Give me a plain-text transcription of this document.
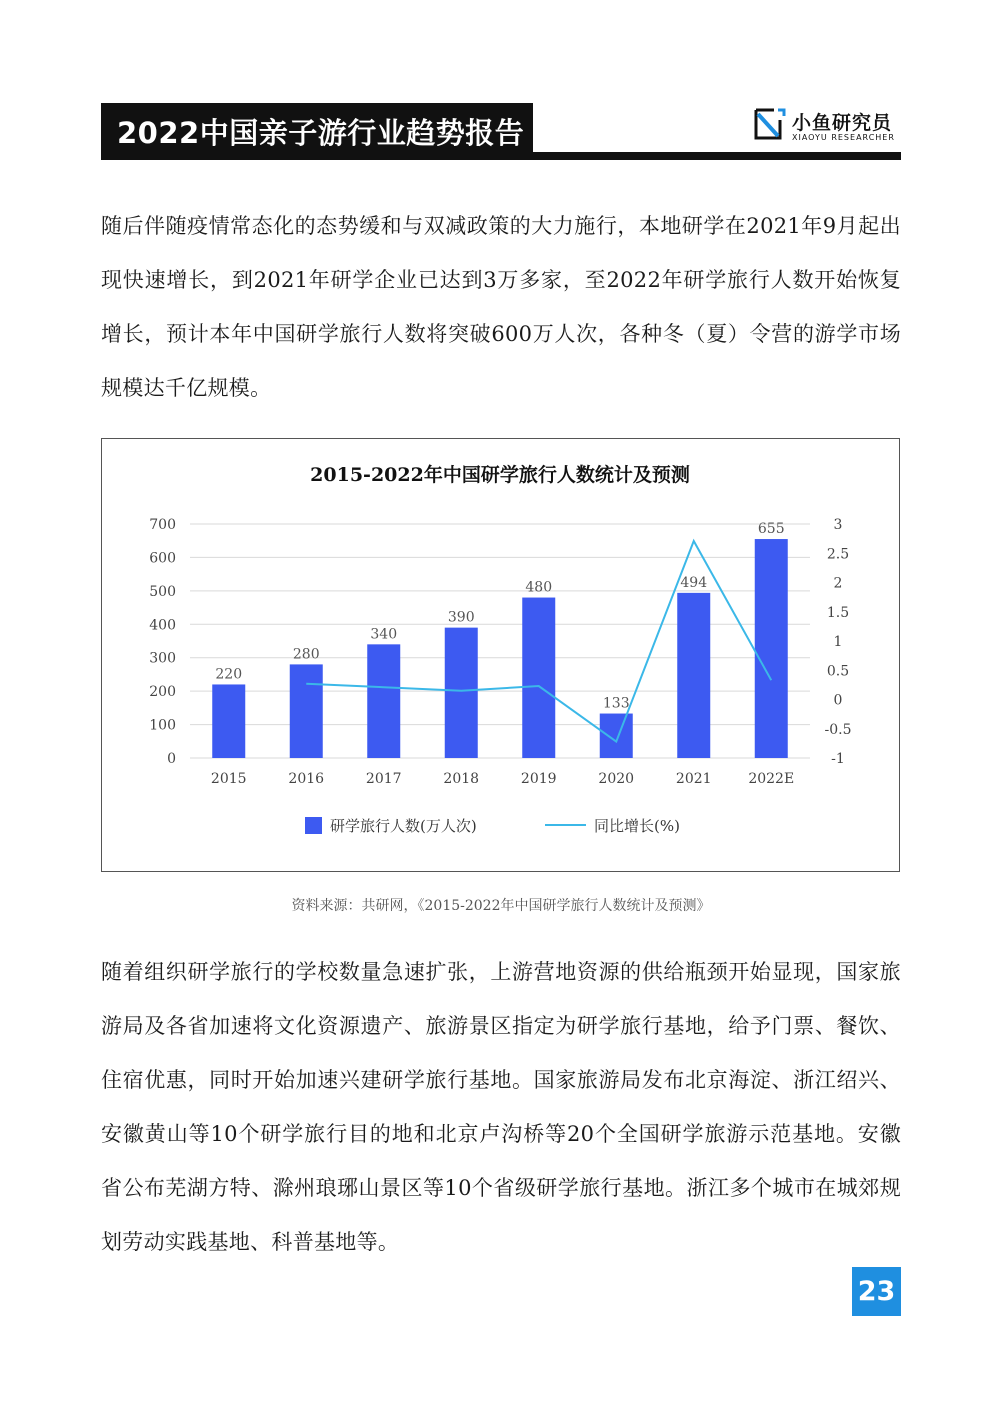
2022中国亲子游行业趋势报告	小鱼研究员
XIAOYU RESEARCHER

随后伴随疫情常态化的态势缓和与双减政策的大力施行，本地研学在2021年9月起出现快速增长，到2021年研学企业已达到3万多家，至2022年研学旅行人数开始恢复增长，预计本年中国研学旅行人数将突破600万人次，各种冬（夏）令营的游学市场规模达千亿规模。

2015-2022年中国研学旅行人数统计及预测
220
280
340
390
480
133
494
655
0
100
200
300
400
500
600
700
-1
-0.5
0
0.5
1
1.5
2
2.5
3
2015	2016	2017	2018	2019	2020	2021	2022E
研学旅行人数(万人次)	同比增长(%)
资料来源：共研网，《2015-2022年中国研学旅行人数统计及预测》

随着组织研学旅行的学校数量急速扩张，上游营地资源的供给瓶颈开始显现，国家旅游局及各省加速将文化资源遗产、旅游景区指定为研学旅行基地，给予门票、餐饮、住宿优惠，同时开始加速兴建研学旅行基地。国家旅游局发布北京海淀、浙江绍兴、安徽黄山等10个研学旅行目的地和北京卢沟桥等20个全国研学旅游示范基地。安徽省公布芜湖方特、滁州琅琊山景区等10个省级研学旅行基地。浙江多个城市在城郊规划劳动实践基地、科普基地等。

23
